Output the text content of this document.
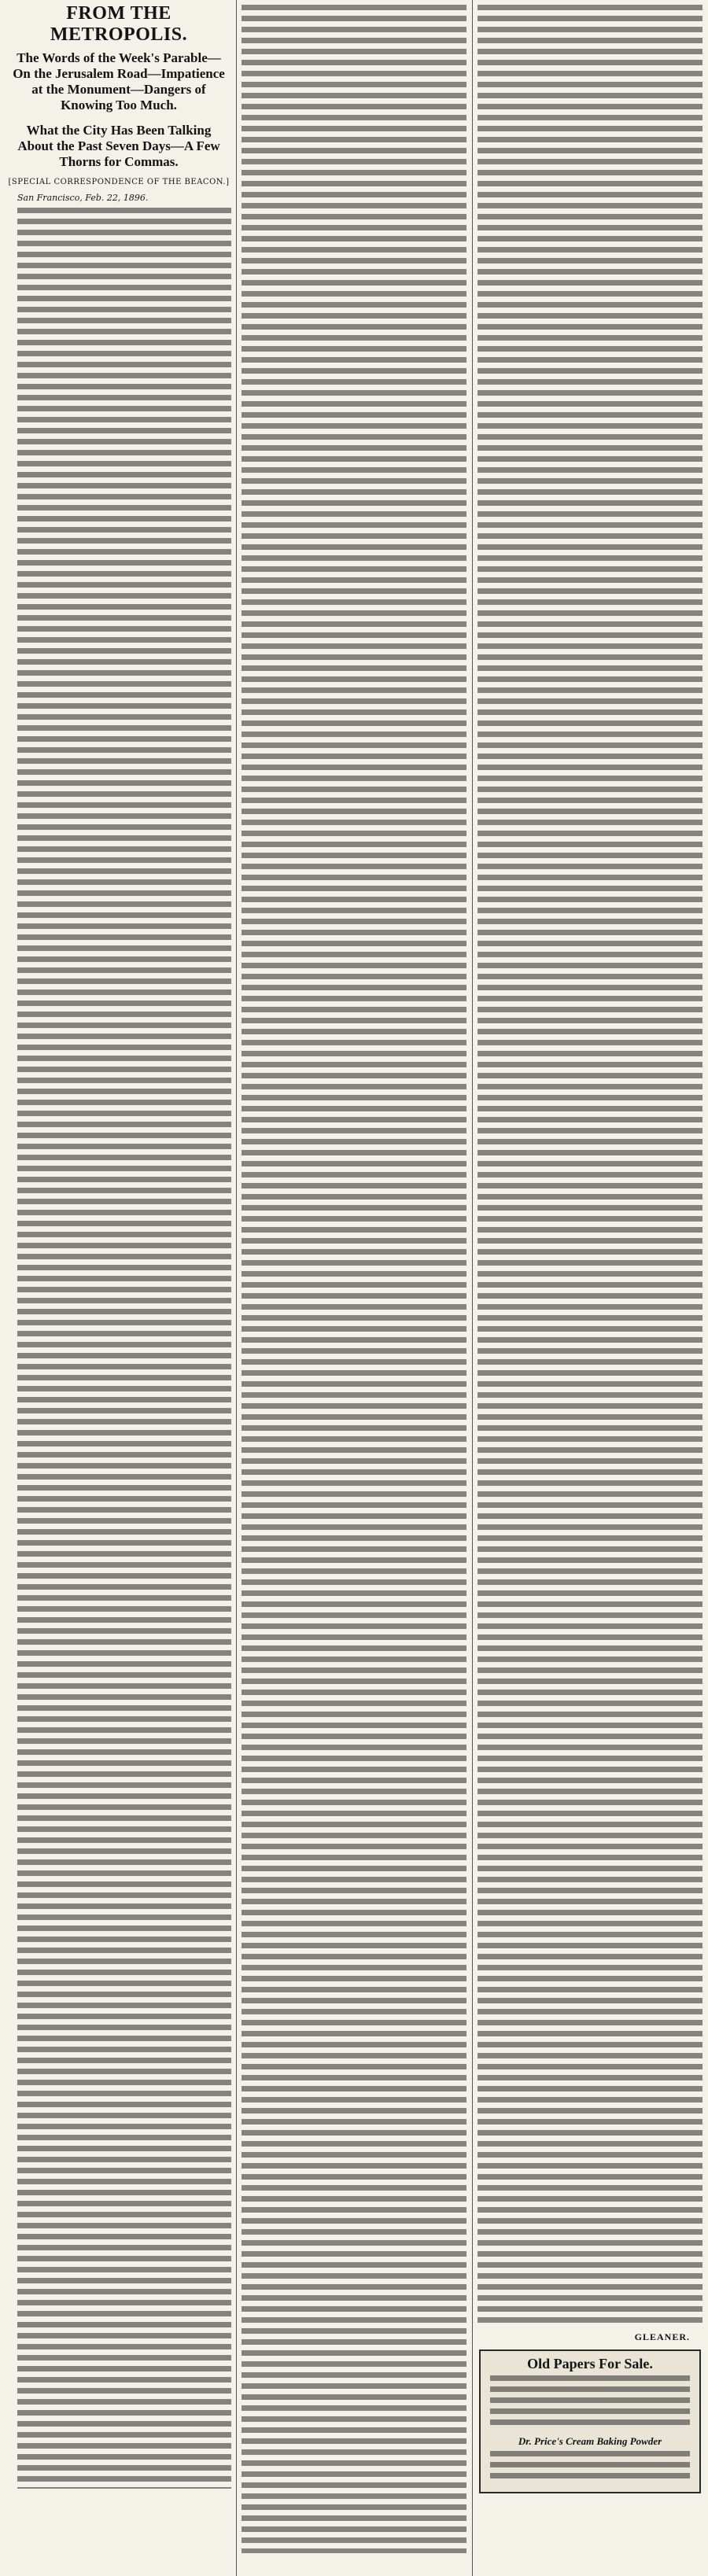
FROM THE METROPOLIS.
The Words of the Week's Parable—On the Jerusalem Road—Impatience at the Monument—Dangers of Knowing Too Much.
What the City Has Been Talking About the Past Seven Days—A Few Thorns for Commas.
[SPECIAL CORRESPONDENCE OF THE BEACON.]
San Francisco, Feb. 22, 1896.
GLEANER.
Old Papers For Sale.
Dr. Price's Cream Baking Powder
